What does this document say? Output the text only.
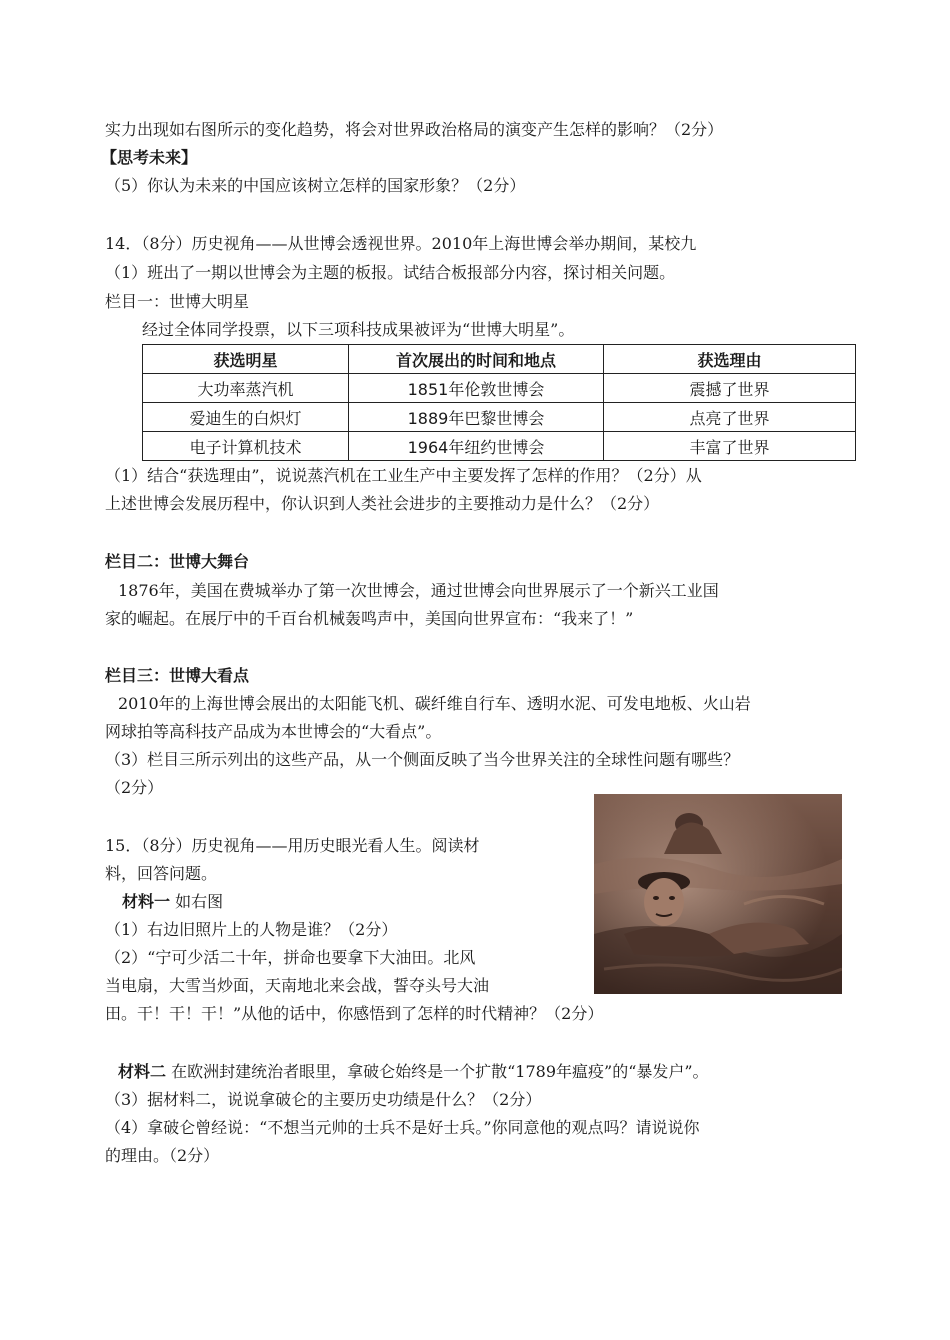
实力出现如右图所示的变化趋势，将会对世界政治格局的演变产生怎样的影响？（2分）
【思考未来】
（5）你认为未来的中国应该树立怎样的国家形象？（2分）
14．（8分）历史视角——从世博会透视世界。2010年上海世博会举办期间，某校九
（1）班出了一期以世博会为主题的板报。试结合板报部分内容，探讨相关问题。
栏目一：世博大明星
经过全体同学投票，以下三项科技成果被评为“世博大明星”。
获选明星	首次展出的时间和地点	获选理由
大功率蒸汽机	1851年伦敦世博会	震撼了世界
爱迪生的白炽灯	1889年巴黎世博会	点亮了世界
电子计算机技术	1964年纽约世博会	丰富了世界
（1）结合“获选理由”，说说蒸汽机在工业生产中主要发挥了怎样的作用？（2分）从
上述世博会发展历程中，你认识到人类社会进步的主要推动力是什么？（2分）
栏目二：世博大舞台
1876年，美国在费城举办了第一次世博会，通过世博会向世界展示了一个新兴工业国
家的崛起。在展厅中的千百台机械轰鸣声中，美国向世界宣布：“我来了！”
栏目三：世博大看点
2010年的上海世博会展出的太阳能飞机、碳纤维自行车、透明水泥、可发电地板、火山岩
网球拍等高科技产品成为本世博会的“大看点”。
（3）栏目三所示列出的这些产品，从一个侧面反映了当今世界关注的全球性问题有哪些？
（2分）
15．（8分）历史视角——用历史眼光看人生。阅读材
料，回答问题。
材料一 如右图
（1）右边旧照片上的人物是谁？（2分）
（2）“宁可少活二十年，拼命也要拿下大油田。北风
当电扇，大雪当炒面，天南地北来会战，誓夺头号大油
田。干！干！干！”从他的话中，你感悟到了怎样的时代精神？（2分）
材料二 在欧洲封建统治者眼里，拿破仑始终是一个扩散“1789年瘟疫”的“暴发户”。
（3）据材料二，说说拿破仑的主要历史功绩是什么？（2分）
（4）拿破仑曾经说：“不想当元帅的士兵不是好士兵。”你同意他的观点吗？请说说你
的理由。（2分）
